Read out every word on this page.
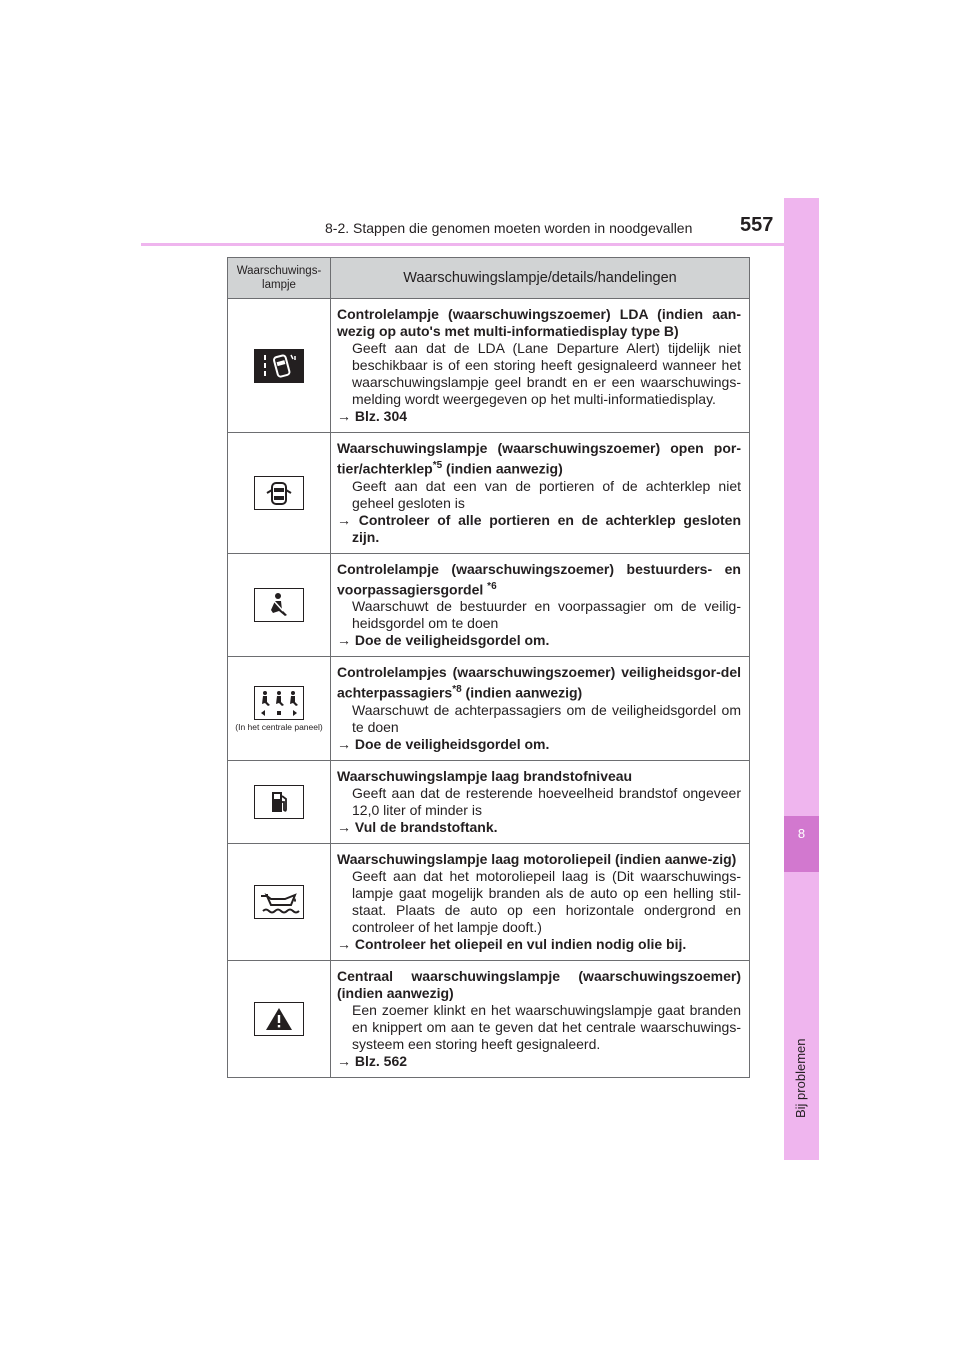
8
Bij problemen
8-2. Stappen die genomen moeten worden in noodgevallen 557
Waarschuwings-
lampje	Waarschuwingslampje/details/handelingen

Controlelampje (waarschuwingszoemer) LDA (indien aan-wezig op auto's met multi-informatiedisplay type B)
Geeft aan dat de LDA (Lane Departure Alert) tijdelijk niet beschikbaar is of een storing heeft gesignaleerd wanneer het waarschuwingslampje geel brandt en er een waarschuwings-melding wordt weergegeven op het multi-informatiedisplay.
→ Blz. 304

Waarschuwingslampje (waarschuwingszoemer) open por-tier/achterklep$^{*5}$ (indien aanwezig)
Geeft aan dat een van de portieren of de achterklep niet geheel gesloten is
→ Controleer of alle portieren en de achterklep gesloten zijn.

Controlelampje (waarschuwingszoemer) bestuurders- en voorpassagiersgordel $^{*6}$
Waarschuwt de bestuurder en voorpassagier om de veilig-heidsgordel om te doen
→ Doe de veiligheidsgordel om.

(In het centrale paneel)	Controlelampjes (waarschuwingszoemer) veiligheidsgor-del achterpassagiers$^{*8}$ (indien aanwezig)
Waarschuwt de achterpassagiers om de veiligheidsgordel om te doen
→ Doe de veiligheidsgordel om.

Waarschuwingslampje laag brandstofniveau
Geeft aan dat de resterende hoeveelheid brandstof ongeveer 12,0 liter of minder is
→ Vul de brandstoftank.

Waarschuwingslampje laag motoroliepeil (indien aanwe-zig)
Geeft aan dat het motoroliepeil laag is (Dit waarschuwings-lampje gaat mogelijk branden als de auto op een helling stil-staat. Plaats de auto op een horizontale ondergrond en controleer of het lampje dooft.)
→ Controleer het oliepeil en vul indien nodig olie bij.

Centraal waarschuwingslampje (waarschuwingszoemer) (indien aanwezig)
Een zoemer klinkt en het waarschuwingslampje gaat branden en knippert om aan te geven dat het centrale waarschuwings-systeem een storing heeft gesignaleerd.
→ Blz. 562
